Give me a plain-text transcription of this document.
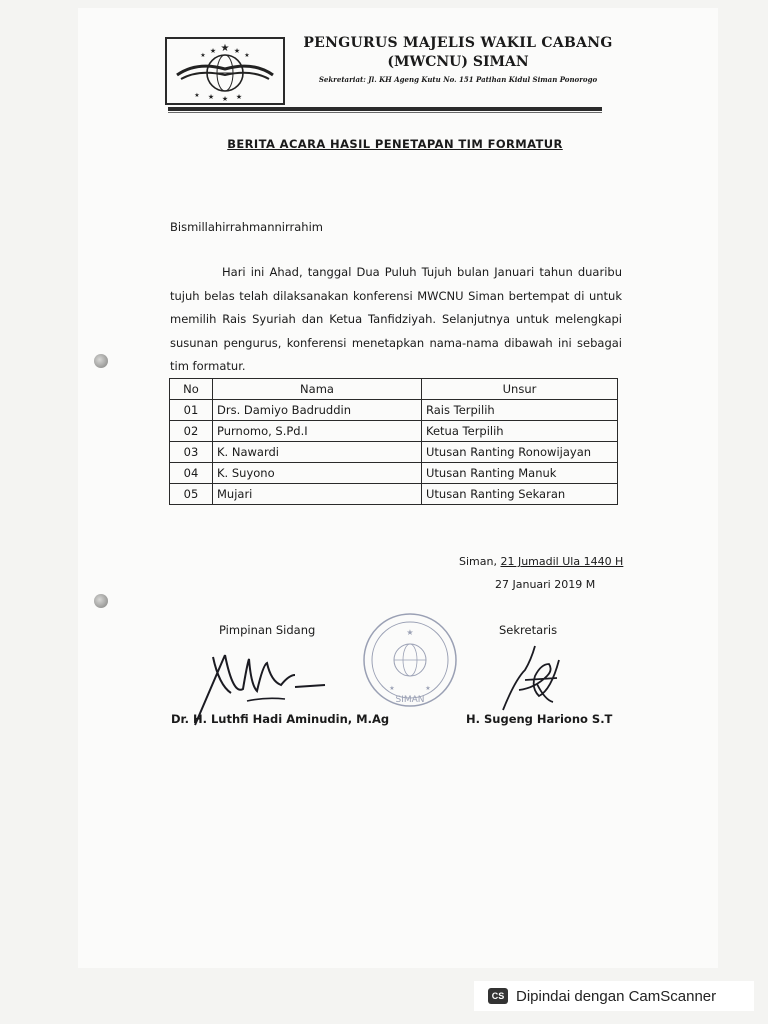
★
★	★
★	★
★	★
★
★
PENGURUS MAJELIS WAKIL CABANG
(MWCNU) SIMAN
Sekretariat: Jl. KH Ageng Kutu No. 151 Patihan Kidul Siman Ponorogo
BERITA ACARA HASIL PENETAPAN TIM FORMATUR
Bismillahirrahmannirrahim

Hari ini Ahad, tanggal Dua Puluh Tujuh bulan Januari tahun duaribu tujuh belas telah dilaksanakan konferensi MWCNU Siman bertempat di untuk memilih Rais Syuriah dan Ketua Tanfidziyah. Selanjutnya untuk melengkapi susunan pengurus, konferensi menetapkan nama-nama dibawah ini sebagai tim formatur.

No	Nama	Unsur
01	Drs. Damiyo Badruddin	Rais Terpilih
02	Purnomo, S.Pd.I	Ketua Terpilih
03	K. Nawardi	Utusan Ranting Ronowijayan
04	K. Suyono	Utusan Ranting Manuk
05	Mujari	Utusan Ranting Sekaran
Siman, 21 Jumadil Ula 1440 H
27 Januari 2019 M
Pimpinan Sidang	Sekretaris
★
★	★
SIMAN
Dr. H. Luthfi Hadi Aminudin, M.Ag	H. Sugeng Hariono S.T
CS Dipindai dengan CamScanner
